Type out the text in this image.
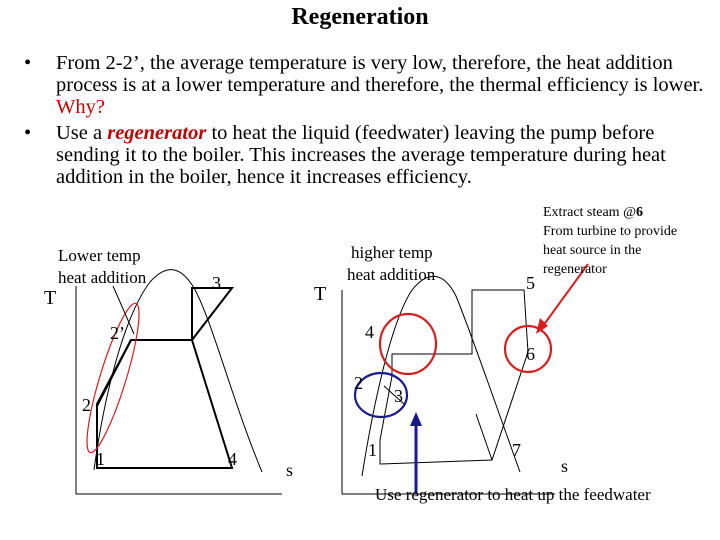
Regeneration
• From 2-2’, the average temperature is very low, therefore, the heat addition process is at a lower temperature and therefore, the thermal efficiency is lower. Why?
• Use a regenerator to heat the liquid (feedwater) leaving the pump before sending it to the boiler. This increases the average temperature during heat addition in the boiler, hence it increases efficiency.
Lower temp
heat addition
T
s
3
2’
2
1	4
higher temp
heat addition
T
s
5
4
6
2
3
1	7
Extract steam @6
From turbine to provide
heat source in the
regenerator
Use regenerator to heat up the feedwater
